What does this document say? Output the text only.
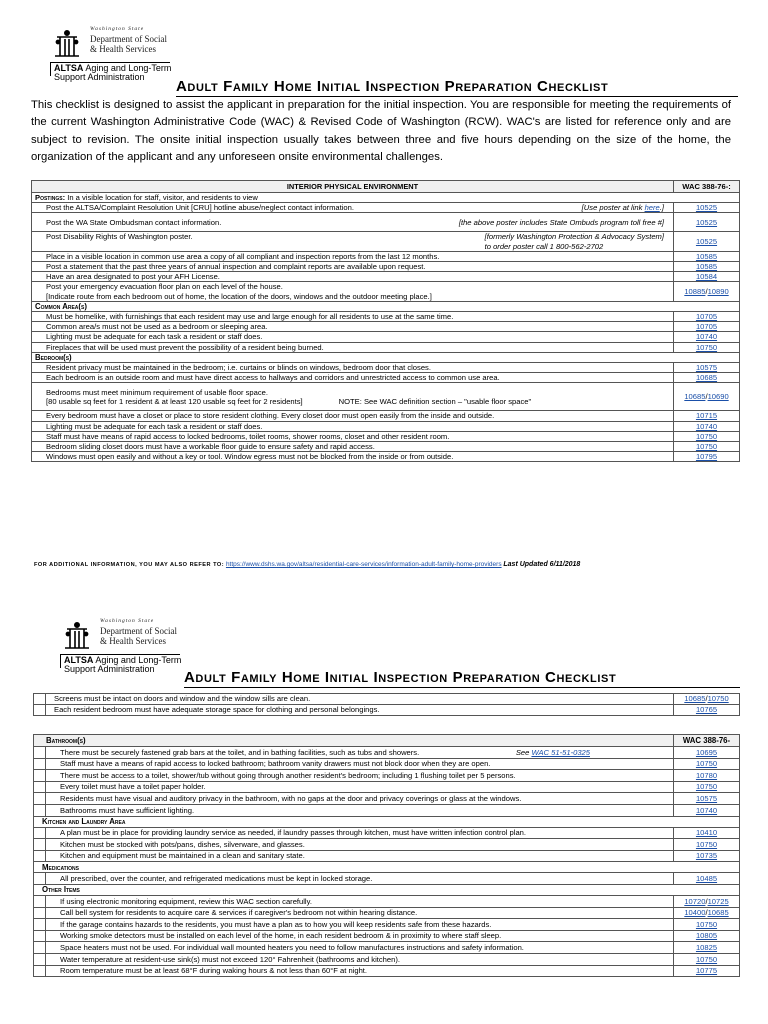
Washington State
Department of Social
& Health Services
ALTSA Aging and Long-Term
Support Administration
Adult Family Home Initial Inspection Preparation Checklist
This checklist is designed to assist the applicant in preparation for the initial inspection. You are responsible for meeting the requirements of the current Washington Administrative Code (WAC) & Revised Code of Washington (RCW). WAC's are listed for reference only and are subject to revision. The onsite initial inspection usually takes between three and five hours depending on the size of the home, the organization of the applicant and any unforeseen onsite environmental challenges.
INTERIOR PHYSICAL ENVIRONMENT	WAC 388-76-:
Postings: In a visible location for staff, visitor, and residents to view	

[Use poster at link here.]
Post the ALTSA/Complaint Resolution Unit [CRU] hotline abuse/neglect contact information.	10525

[the above poster includes State Ombuds program toll free #]
Post the WA State Ombudsman contact information.	10525

[formerly Washington Protection & Advocacy System]
to order poster call 1 800-562-2702
Post Disability Rights of Washington poster.	10525
Place in a visible location in common use area a copy of all compliant and inspection reports from the last 12 months.	10585
Post a statement that the past three years of annual inspection and complaint reports are available upon request.	10585
Have an area designated to post your AFH License.	10584
Post your emergency evacuation floor plan on each level of the house.
[Indicate route from each bedroom out of home, the location of the doors, windows and the outdoor meeting place.]	10885/10890
Common Area(s)	
Must be homelike, with furnishings that each resident may use and large enough for all residents to use at the same time.	10705
Common area/s must not be used as a bedroom or sleeping area.	10705
Lighting must be adequate for each task a resident or staff does.	10740
Fireplaces that will be used must prevent the possibility of a resident being burned.	10750
Bedroom(s)	
Resident privacy must be maintained in the bedroom; i.e. curtains or blinds on windows, bedroom door that closes.	10575
Each bedroom is an outside room and must have direct access to hallways and corridors and unrestricted access to common use area.	10685
Bedrooms must meet minimum requirement of usable floor space.
[80 usable sq feet for 1 resident & at least 120 usable sq feet for 2 residents] NOTE: See WAC definition section – "usable floor space"	10685/10690
Every bedroom must have a closet or place to store resident clothing. Every closet door must open easily from the inside and outside.	10715
Lighting must be adequate for each task a resident or staff does.	10740
Staff must have means of rapid access to locked bedrooms, toilet rooms, shower rooms, closet and other resident room.	10750
Bedroom sliding closet doors must have a workable floor guide to ensure safety and rapid access.	10750
Windows must open easily and without a key or tool. Window egress must not be blocked from the inside or from outside.	10795
FOR ADDITIONAL INFORMATION, YOU MAY ALSO REFER TO: https://www.dshs.wa.gov/altsa/residential-care-services/information-adult-family-home-providers Last Updated 6/11/2018
Washington State
Department of Social
& Health Services
ALTSA Aging and Long-Term
Support Administration	Adult Family Home Initial Inspection Preparation Checklist
	Screens must be intact on doors and window and the window sills are clean.	10685/10750
	Each resident bedroom must have adequate storage space for clothing and personal belongings.	10765
Bathroom(s)		WAC 388-76-

	See WAC 51-51-0325
There must be securely fastened grab bars at the toilet, and in bathing facilities, such as tubs and showers.	10695
	Staff must have a means of rapid access to locked bathroom; bathroom vanity drawers must not block door when they are open.	10750
	There must be access to a toilet, shower/tub without going through another resident's bedroom; including 1 flushing toilet per 5 persons.	10780
	Every toilet must have a toilet paper holder.	10750
	Residents must have visual and auditory privacy in the bathroom, with no gaps at the door and privacy coverings or glass at the windows.	10575
	Bathrooms must have sufficient lighting.	10740
Kitchen and Laundry Area		
	A plan must be in place for providing laundry service as needed, if laundry passes through kitchen, must have written infection control plan.	10410
	Kitchen must be stocked with pots/pans, dishes, silverware, and glasses.	10750
	Kitchen and equipment must be maintained in a clean and sanitary state.	10735
Medications		
	All prescribed, over the counter, and refrigerated medications must be kept in locked storage.	10485
Other Items		
	If using electronic monitoring equipment, review this WAC section carefully.	10720/10725
	Call bell system for residents to acquire care & services if caregiver's bedroom not within hearing distance.	10400/10685
	If the garage contains hazards to the residents, you must have a plan as to how you will keep residents safe from these hazards.	10750
	Working smoke detectors must be installed on each level of the home, in each resident bedroom & in proximity to where staff sleep.	10805
	Space heaters must not be used. For individual wall mounted heaters you need to follow manufactures instructions and safety information.	10825
	Water temperature at resident-use sink(s) must not exceed 120° Fahrenheit (bathrooms and kitchen).	10750
	Room temperature must be at least 68°F during waking hours & not less than 60°F at night.	10775
